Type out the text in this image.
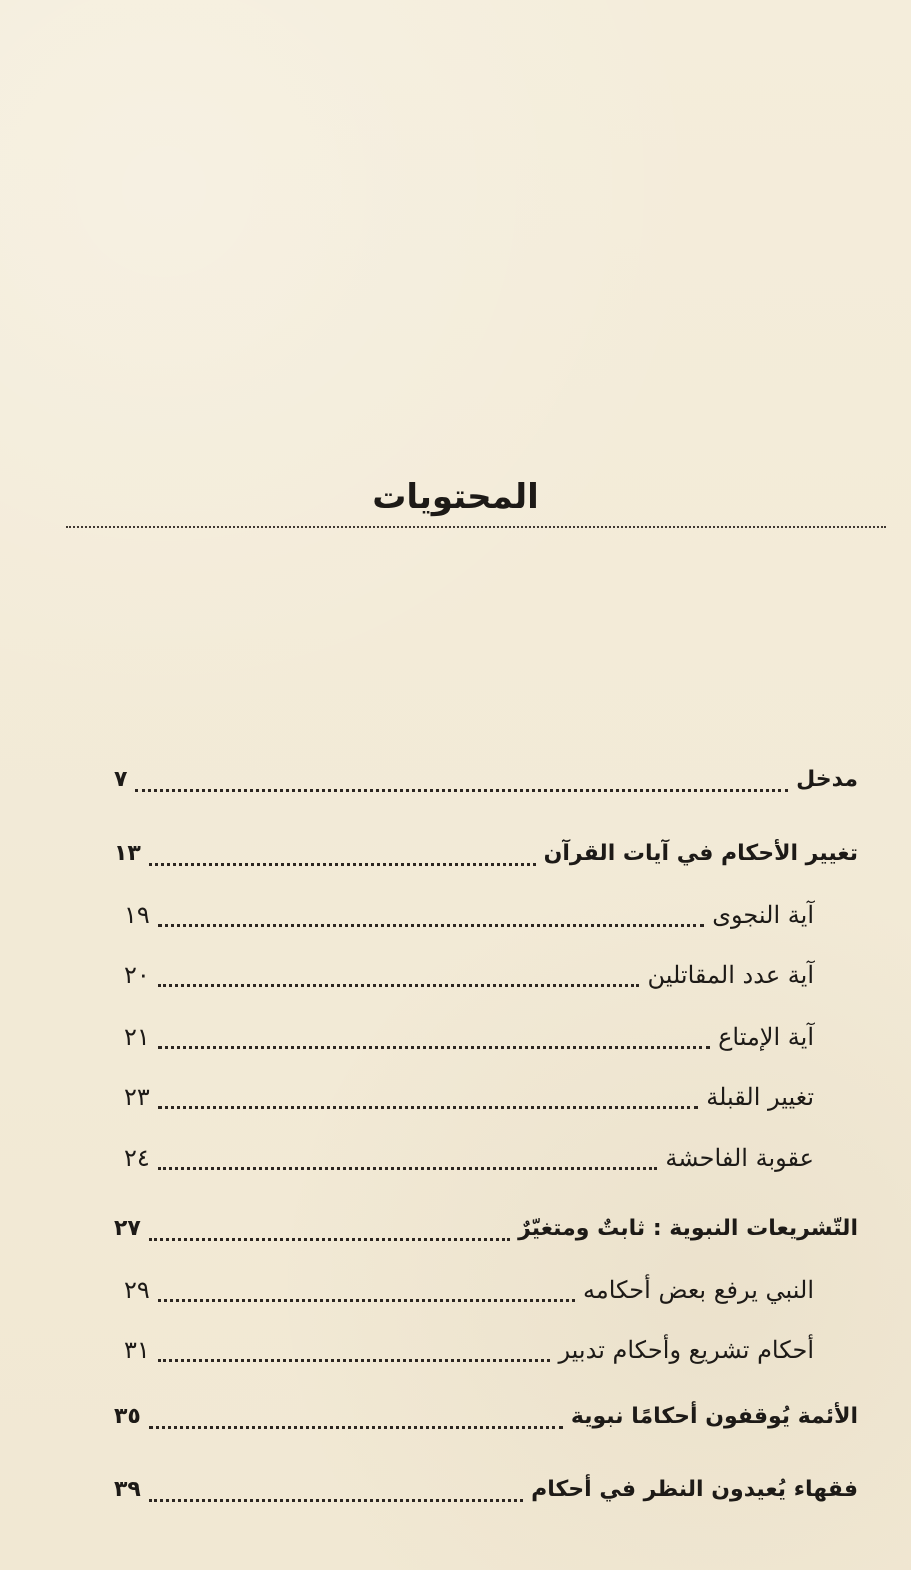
المحتويات
مدخل
٧
تغيير الأحكام في آيات القرآن
١٣
آية النجوى
١٩
آية عدد المقاتلين
٢٠
آية الإمتاع
٢١
تغيير القبلة
٢٣
عقوبة الفاحشة
٢٤
التّشريعات النبوية : ثابتٌ ومتغيّرٌ
٢٧
النبي يرفع بعض أحكامه
٢٩
أحكام تشريع وأحكام تدبير
٣١
الأئمة يُوقفون أحكامًا نبوية
٣٥
فقهاء يُعيدون النظر في أحكام
٣٩
